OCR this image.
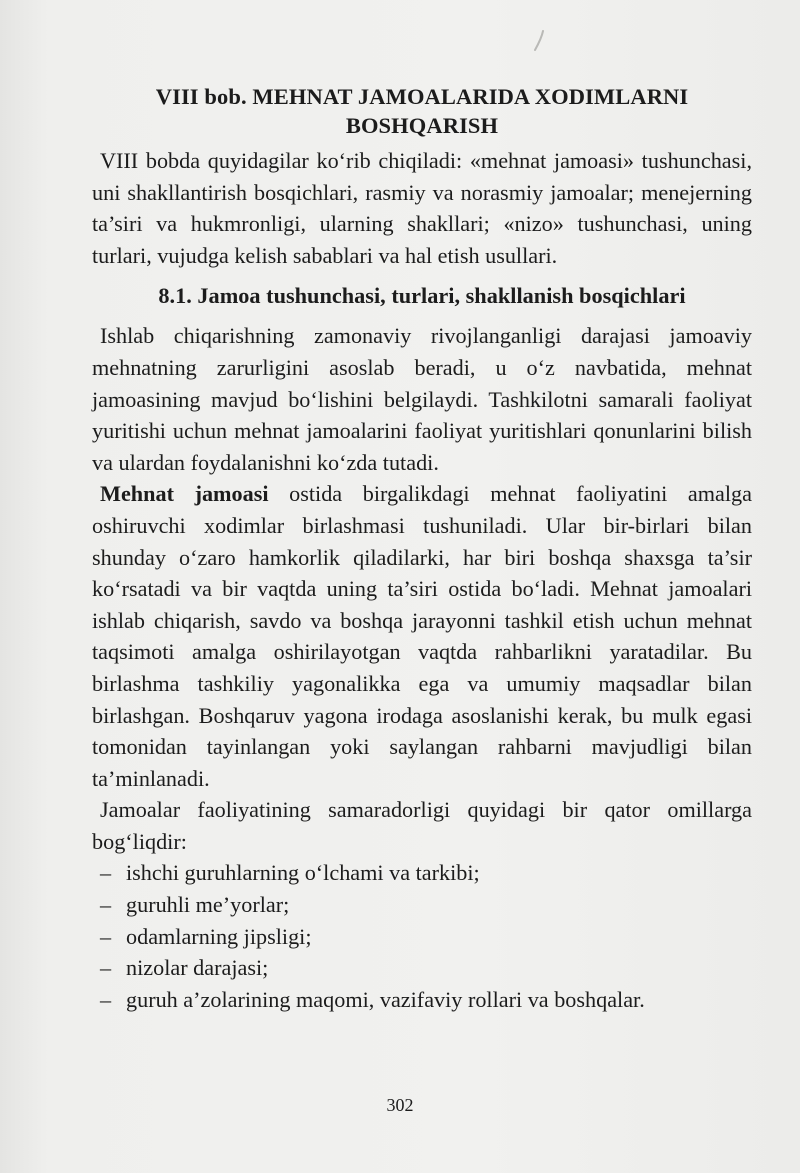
VIII bob. MEHNAT JAMOALARIDA XODIMLARNI
BOSHQARISH

VIII bobda quyidagilar ko‘rib chiqiladi: «mehnat jamoasi» tushunchasi, uni shakllantirish bosqichlari, rasmiy va norasmiy jamoalar; menejerning ta’siri va hukmronligi, ularning shakllari; «nizo» tushunchasi, uning turlari, vujudga kelish sabablari va hal etish usullari.

8.1. Jamoa tushunchasi, turlari, shakllanish bosqichlari

Ishlab chiqarishning zamonaviy rivojlanganligi darajasi jamoaviy mehnatning zarurligini asoslab beradi, u o‘z navbatida, mehnat jamoasining mavjud bo‘lishini belgilaydi. Tashkilotni samarali faoliyat yuritishi uchun mehnat jamoalarini faoliyat yuritishlari qonunlarini bilish va ulardan foydalanishni ko‘zda tutadi.

Mehnat jamoasi ostida birgalikdagi mehnat faoliyatini amalga oshiruvchi xodimlar birlashmasi tushuniladi. Ular bir-birlari bilan shunday o‘zaro hamkorlik qiladilarki, har biri boshqa shaxsga ta’sir ko‘rsatadi va bir vaqtda uning ta’siri ostida bo‘ladi. Mehnat jamoalari ishlab chiqarish, savdo va boshqa jarayonni tashkil etish uchun mehnat taqsimoti amalga oshirilayotgan vaqtda rahbarlikni yaratadilar. Bu birlashma tashkiliy yagonalikka ega va umumiy maqsadlar bilan birlashgan. Boshqaruv yagona irodaga asoslanishi kerak, bu mulk egasi tomonidan tayinlangan yoki saylangan rahbarni mavjudligi bilan ta’minlanadi.

Jamoalar faoliyatining samaradorligi quyidagi bir qator omillarga bog‘liqdir:

– ishchi guruhlarning o‘lchami va tarkibi;
– guruhli me’yorlar;
– odamlarning jipsligi;
– nizolar darajasi;
– guruh a’zolarining maqomi, vazifaviy rollari va boshqalar.
302
